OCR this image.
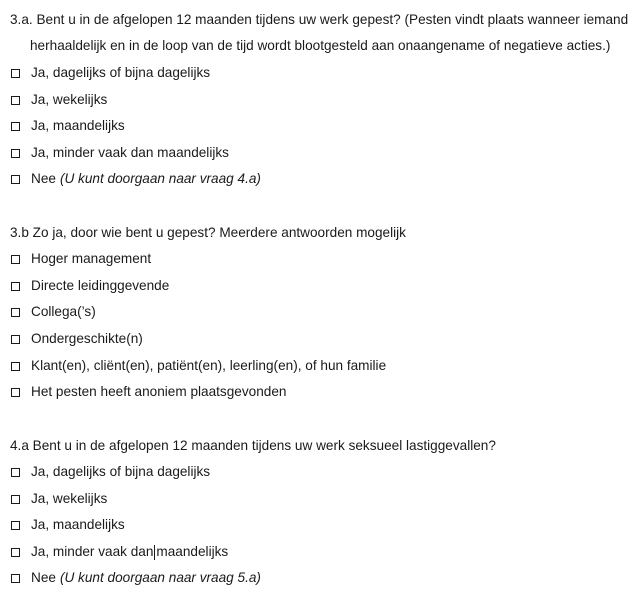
3.a. Bent u in de afgelopen 12 maanden tijdens uw werk gepest? (Pesten vindt plaats wanneer iemand
herhaaldelijk en in de loop van de tijd wordt blootgesteld aan onaangename of negatieve acties.)
Ja, dagelijks of bijna dagelijks
Ja, wekelijks
Ja, maandelijks
Ja, minder vaak dan maandelijks
Nee (U kunt doorgaan naar vraag 4.a)
3.b Zo ja, door wie bent u gepest? Meerdere antwoorden mogelijk
Hoger management
Directe leidinggevende
Collega(’s)
Ondergeschikte(n)
Klant(en), cliënt(en), patiënt(en), leerling(en), of hun familie
Het pesten heeft anoniem plaatsgevonden
4.a Bent u in de afgelopen 12 maanden tijdens uw werk seksueel lastiggevallen?
Ja, dagelijks of bijna dagelijks
Ja, wekelijks
Ja, maandelijks
Ja, minder vaak dan maandelijks
Nee (U kunt doorgaan naar vraag 5.a)
